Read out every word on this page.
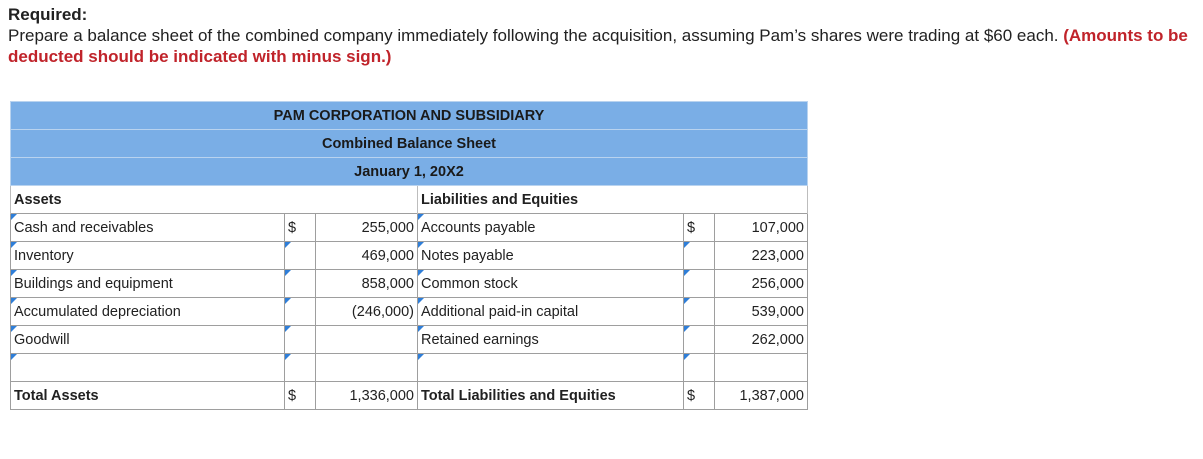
Required:
Prepare a balance sheet of the combined company immediately following the acquisition, assuming Pam’s shares were trading at $60 each. (Amounts to be deducted should be indicated with minus sign.)
PAM CORPORATION AND SUBSIDIARY					
Combined Balance Sheet					
January 1, 20X2					
Assets			Liabilities and Equities		
Cash and receivables	$	255,000	Accounts payable	$	107,000
Inventory		469,000	Notes payable		223,000
Buildings and equipment		858,000	Common stock		256,000
Accumulated depreciation		(246,000)	Additional paid-in capital		539,000
Goodwill			Retained earnings		262,000

Total Assets	$	1,336,000	Total Liabilities and Equities	$	1,387,000
